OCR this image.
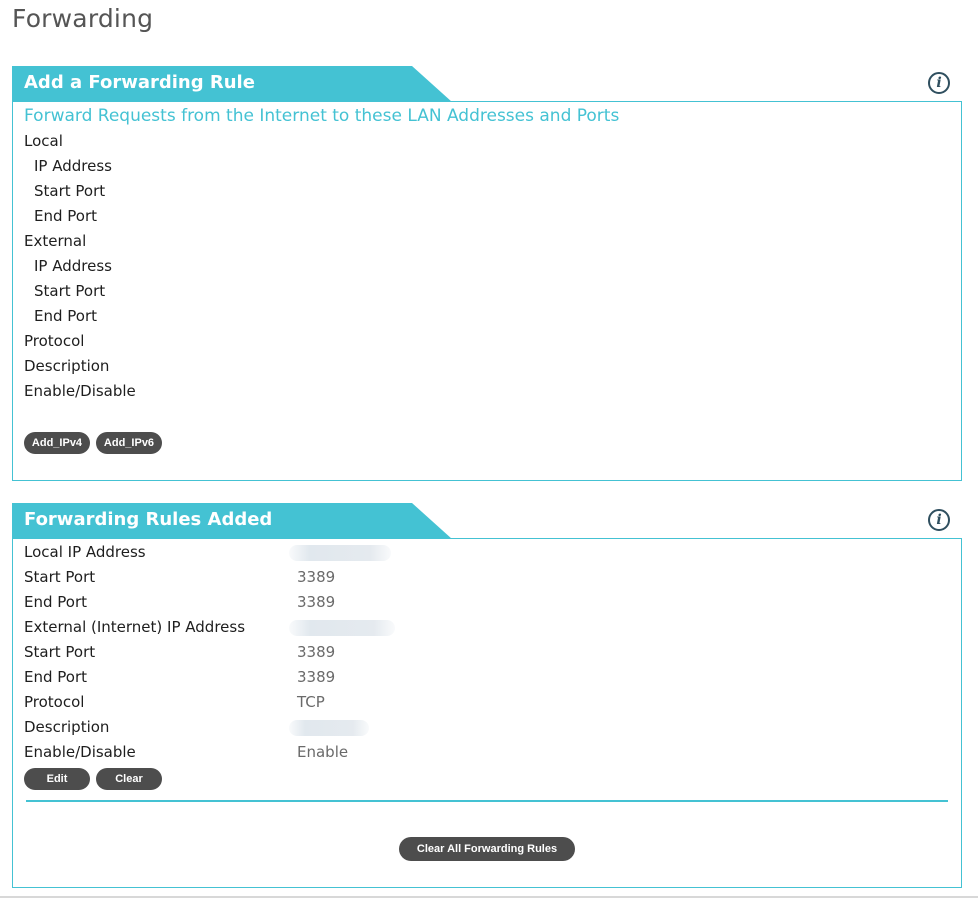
Forwarding
Add a Forwarding Rule	i
Forward Requests from the Internet to these LAN Addresses and Ports
Local
IP Address
Start Port
End Port
External
IP Address
Start Port
End Port
Protocol
Description
Enable/Disable
Add_IPv4	Add_IPv6
Forwarding Rules Added	i
Local IP Address
Start Port	3389
End Port	3389
External (Internet) IP Address
Start Port	3389
End Port	3389
Protocol	TCP
Description
Enable/Disable	Enable
Edit	Clear
Clear All Forwarding Rules
